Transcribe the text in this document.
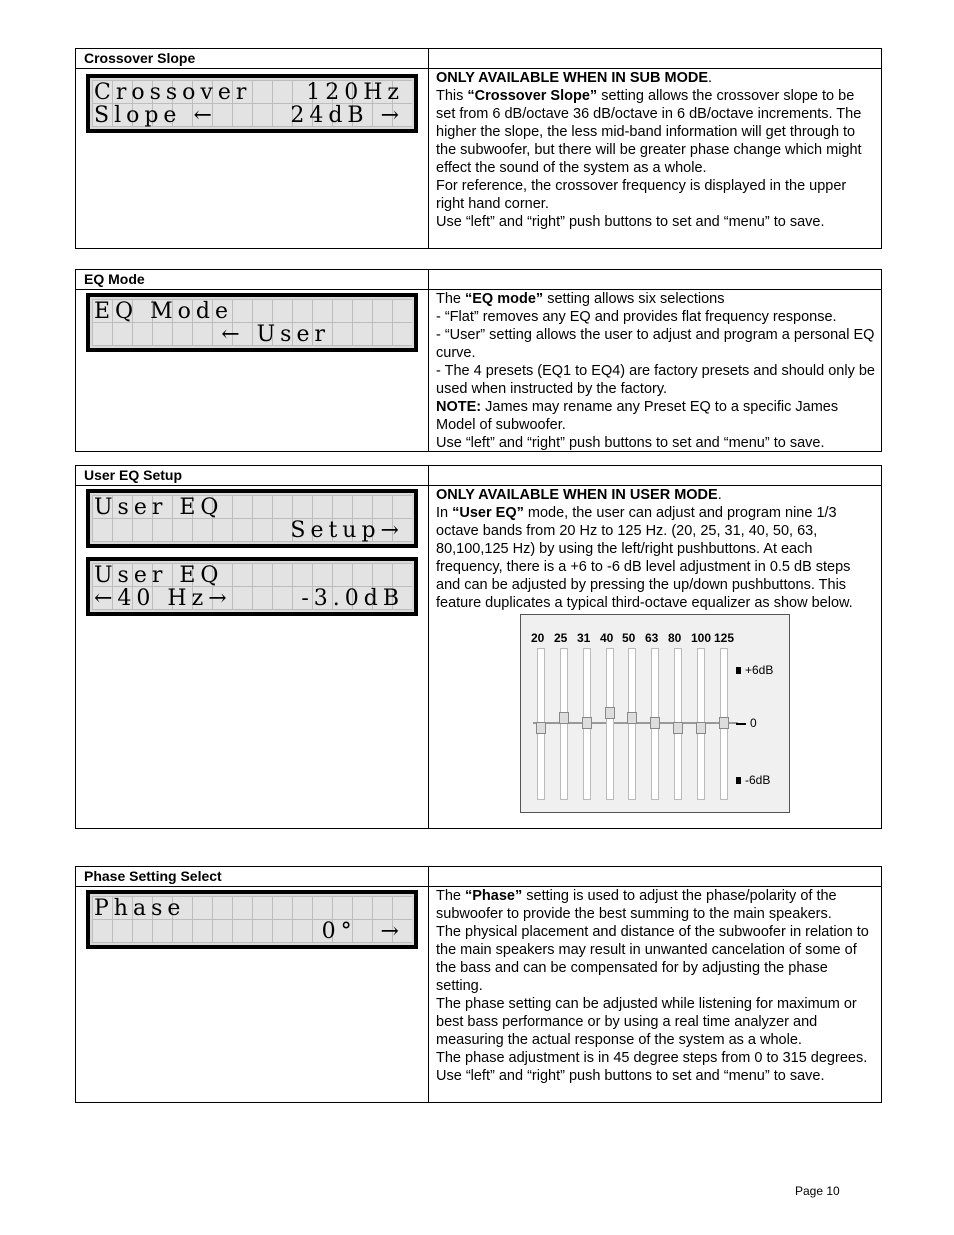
Crossover Slope
Crossover 120Hz
Slope ←	24dB →
ONLY AVAILABLE WHEN IN SUB MODE.
This “Crossover Slope” setting allows the crossover slope to be set from 6 dB/octave 36 dB/octave in 6 dB/octave increments. The higher the slope, the less mid-band information will get through to the subwoofer, but there will be greater phase change which might effect the sound of the system as a whole.
For reference, the crossover frequency is displayed in the upper right hand corner.
Use “left” and “right” push buttons to set and “menu” to save.
EQ Mode
EQ Mode
← User
The “EQ mode” setting allows six selections
- “Flat” removes any EQ and provides flat frequency response.
- “User” setting allows the user to adjust and program a personal EQ curve.
- The 4 presets (EQ1 to EQ4) are factory presets and should only be used when instructed by the factory.
NOTE: James may rename any Preset EQ to a specific James Model of subwoofer.
Use “left” and “right” push buttons to set and “menu” to save.
User EQ Setup
User EQ
Setup→
User EQ
←40 Hz→	-3.0dB
ONLY AVAILABLE WHEN IN USER MODE.
In “User EQ” mode, the user can adjust and program nine 1/3 octave bands from 20 Hz to 125 Hz. (20, 25, 31, 40, 50, 63, 80,100,125 Hz) by using the left/right pushbuttons. At each frequency, there is a +6 to -6 dB level adjustment in 0.5 dB steps and can be adjusted by pressing the up/down pushbuttons. This feature duplicates a typical third-octave equalizer as show below.
+6dB
0
-6dB
20 25 31 40 50 63 80 100 125
Phase Setting Select
Phase
0°  →
The “Phase” setting is used to adjust the phase/polarity of the subwoofer to provide the best summing to the main speakers.
The physical placement and distance of the subwoofer in relation to the main speakers may result in unwanted cancelation of some of the bass and can be compensated for by adjusting the phase setting.
The phase setting can be adjusted while listening for maximum or best bass performance or by using a real time analyzer and measuring the actual response of the system as a whole.
The phase adjustment is in 45 degree steps from 0 to 315 degrees.
Use “left” and “right” push buttons to set and “menu” to save.
Page 10
